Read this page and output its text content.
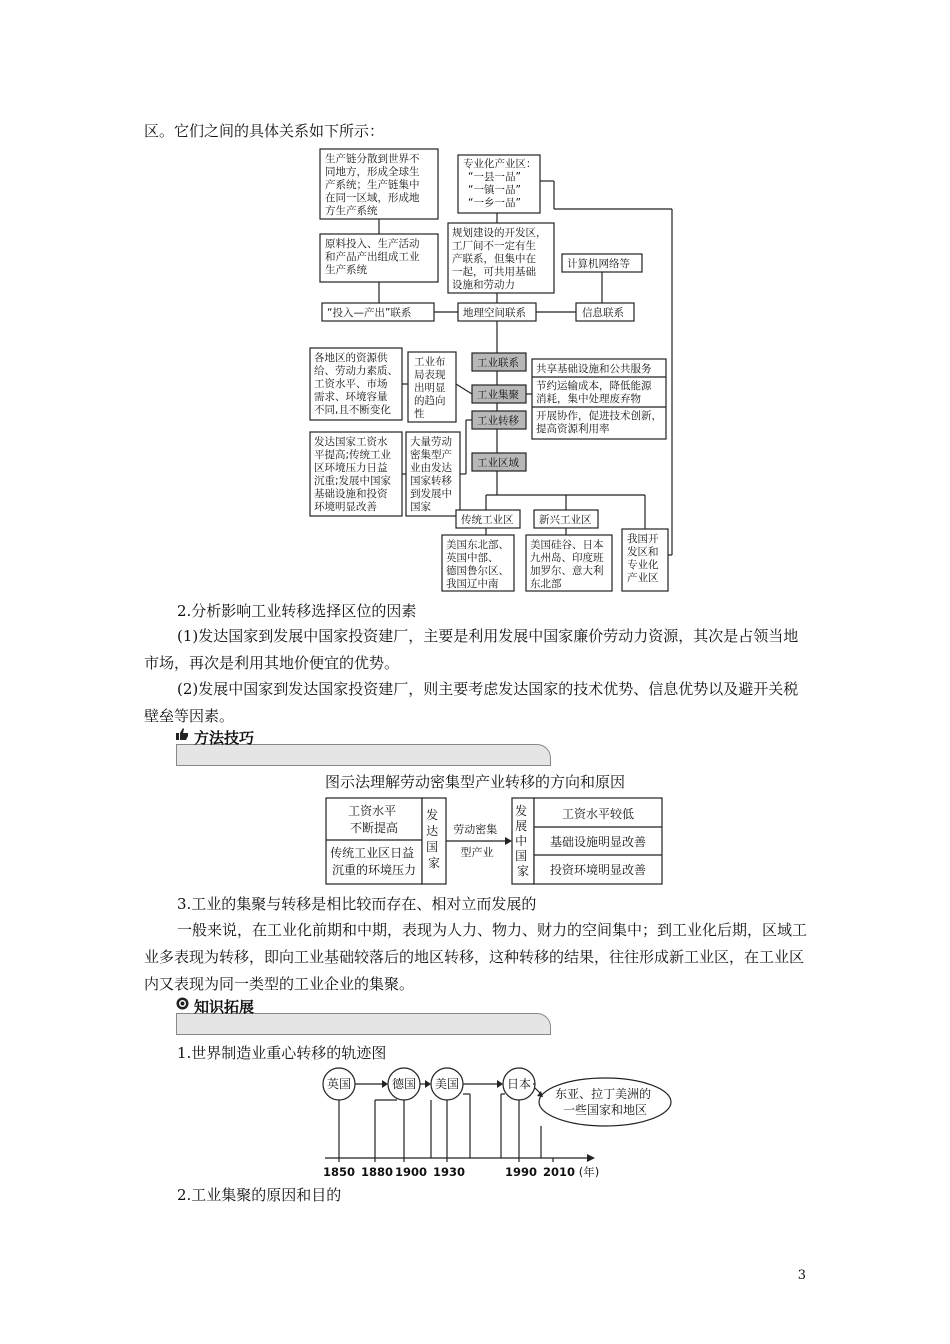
区。它们之间的具体关系如下所示：

生产链分散到世界不 同地方，形成全球生 产系统；生产链集中 在同一区域，形成地 方生产系统
原料投入、生产活动 和产品产出组成工业 生产系统
“投入—产出”联系
专业化产业区： “一县一品” “一镇一品” “一乡一品”
规划建设的开发区， 工厂间不一定有生 产联系，但集中在 一起，可共用基础 设施和劳动力
地理空间联系
计算机网络等
信息联系
工业联系
工业集聚
工业转移
工业区域
各地区的资源供 给、劳动力素质、 工资水平、市场 需求、环境容量 不同,且不断变化
工业布 局表现 出明显 的趋向 性
发达国家工资水 平提高;传统工业 区环境压力日益 沉重;发展中国家 基础设施和投资 环境明显改善
大量劳动 密集型产 业由发达 国家转移 到发展中 国家
共享基础设施和公共服务 节约运输成本，降低能源 消耗，集中处理废弃物 开展协作，促进技术创新， 提高资源利用率
传统工业区 新兴工业区
美国东北部、 英国中部、 德国鲁尔区、 我国辽中南
美国硅谷、日本 九州岛、印度班 加罗尔、意大利 东北部
我国开 发区和 专业化 产业区

2.分析影响工业转移选择区位的因素

(1)发达国家到发展中国家投资建厂，主要是利用发展中国家廉价劳动力资源，其次是占领当地市场，再次是利用其地价便宜的优势。

(2)发展中国家到发达国家投资建厂，则主要考虑发达国家的技术优势、信息优势以及避开关税壁垒等因素。

方法技巧
图示法理解劳动密集型产业转移的方向和原因
工资水平 不断提高
传统工业区日益 沉重的环境压力
发 达 国 家
劳动密集 型产业
发 展 中 国 家
工资水平较低
基础设施明显改善
投资环境明显改善

3.工业的集聚与转移是相比较而存在、相对立而发展的

一般来说，在工业化前期和中期，表现为人力、物力、财力的空间集中；到工业化后期，区域工业多表现为转移，即向工业基础较落后的地区转移，这种转移的结果，往往形成新工业区，在工业区内又表现为同一类型的工业企业的集聚。

知识拓展

1.世界制造业重心转移的轨迹图

英国	德国 美国	日本
东亚、拉丁美洲的 一些国家和地区
1850 1880 1900 1930	1990 2010 (年)

2.工业集聚的原因和目的

3
